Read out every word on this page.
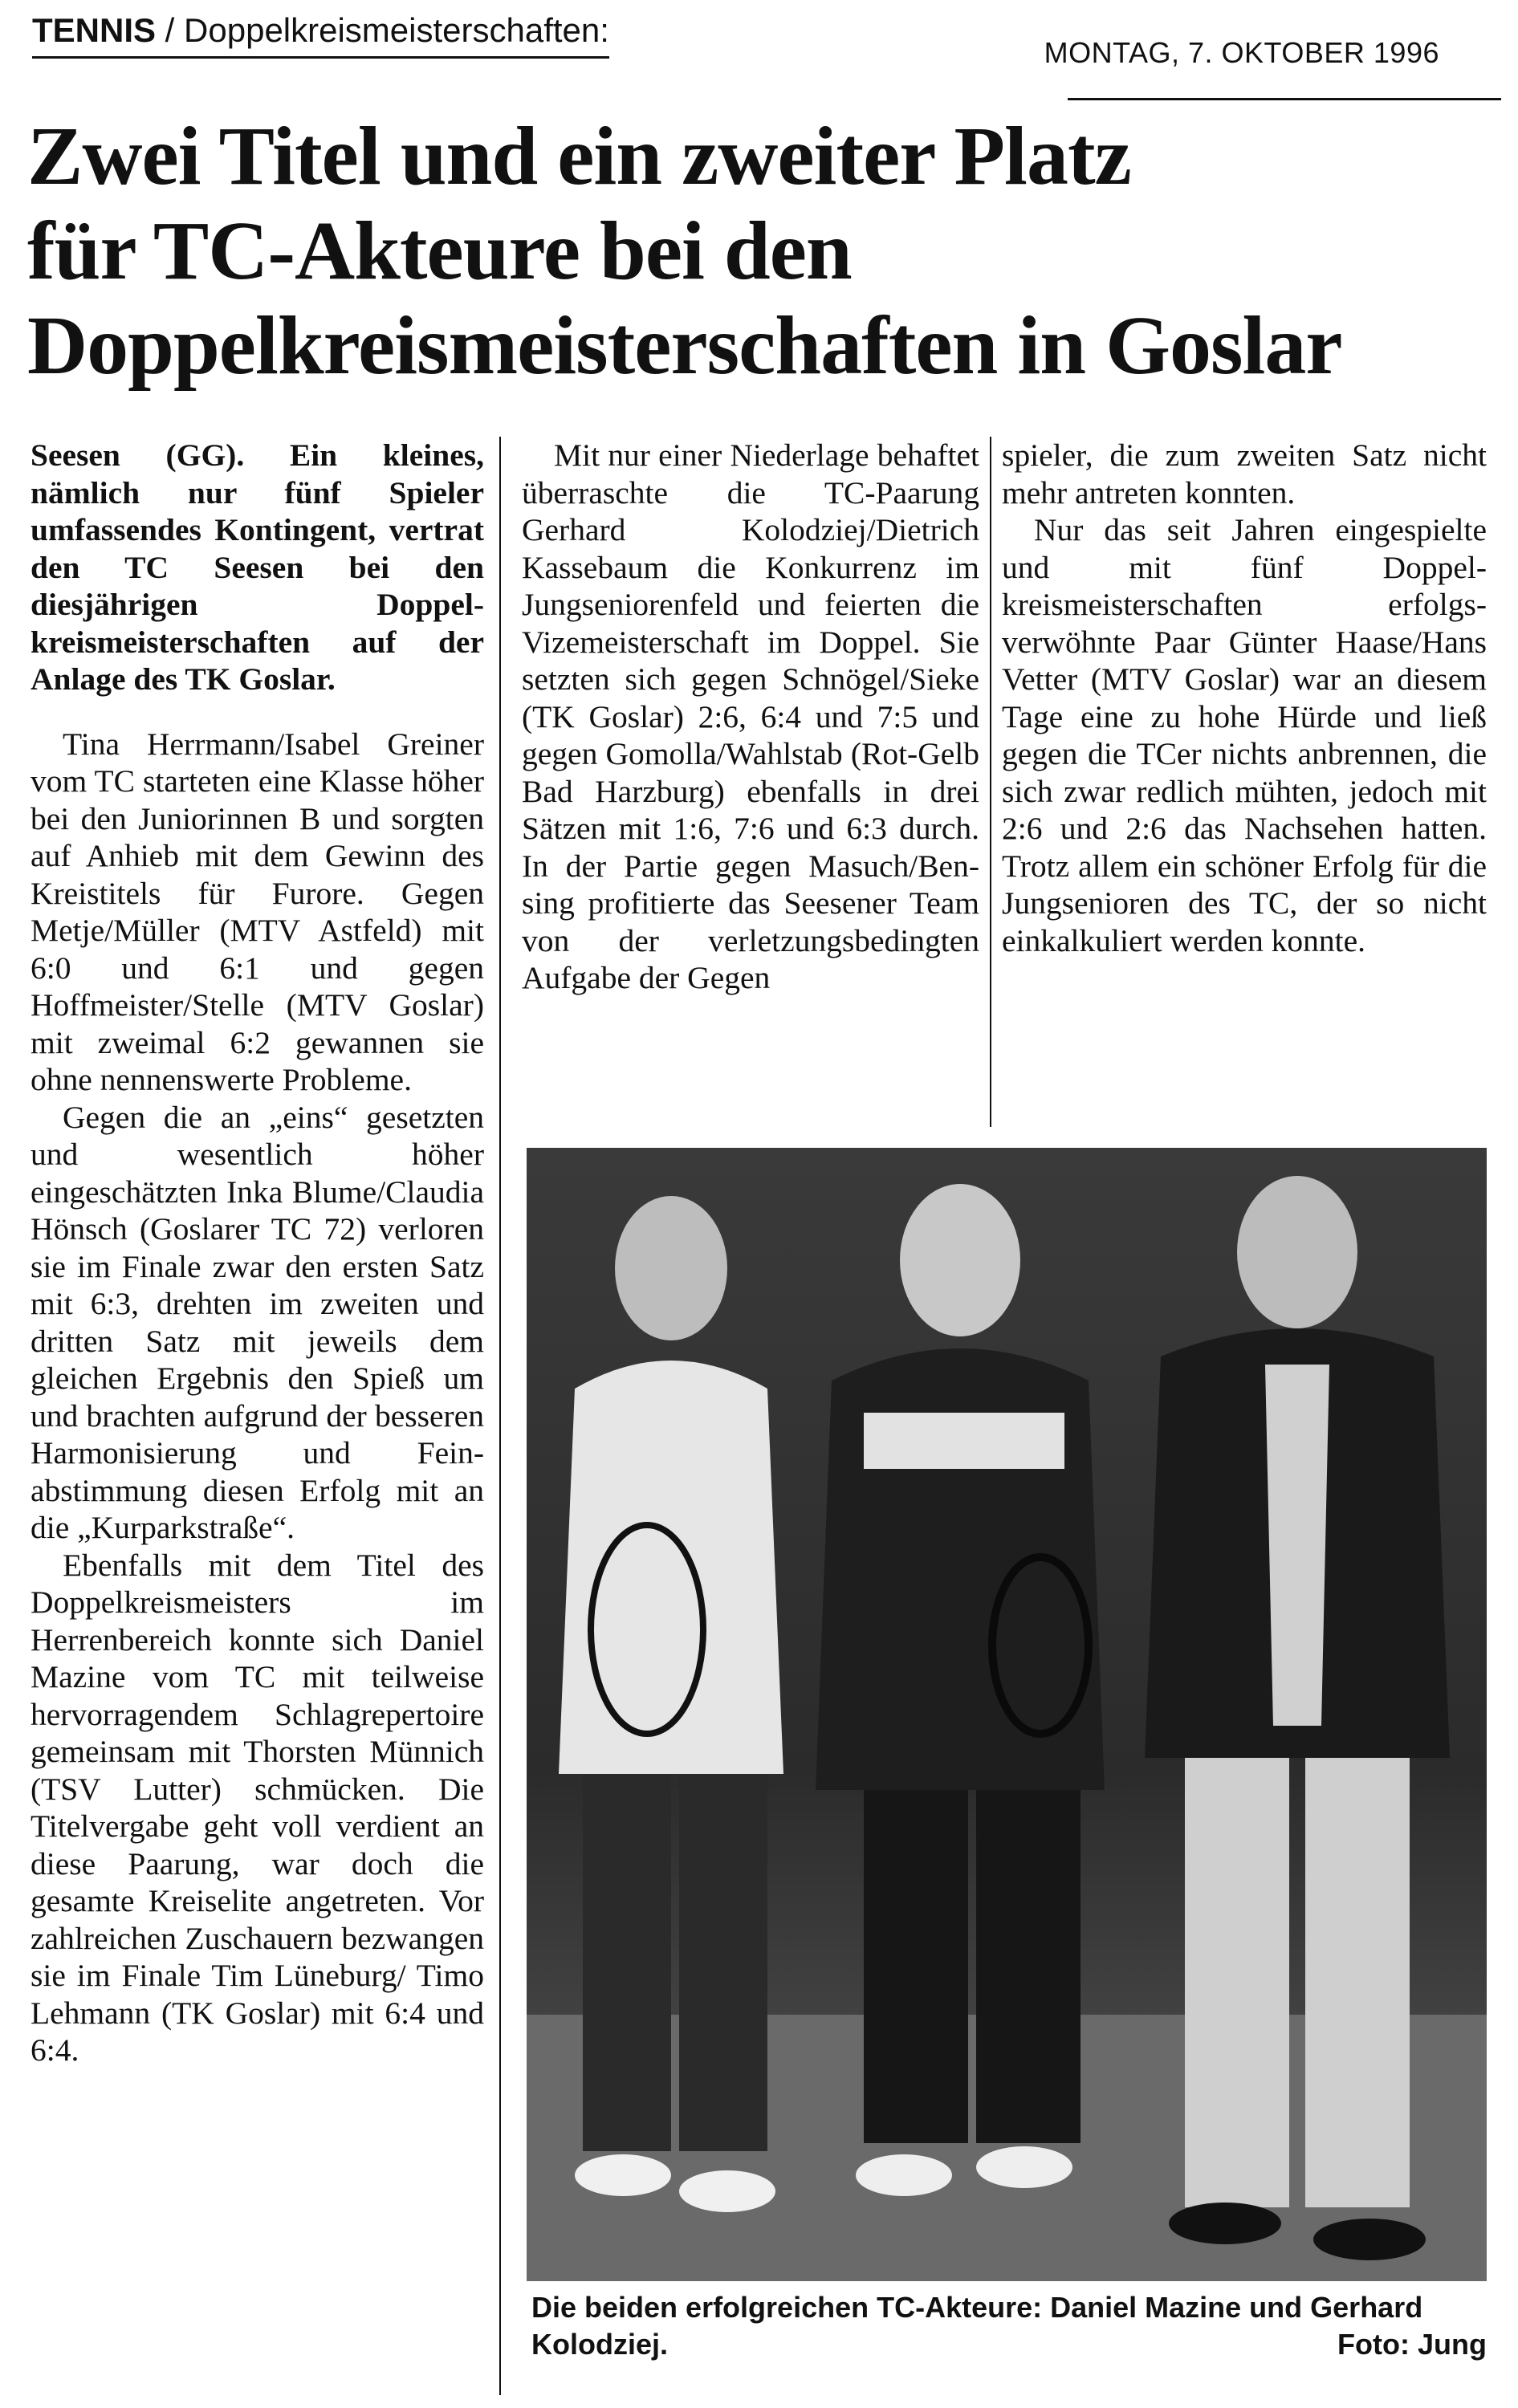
TENNIS / Doppelkreismeisterschaften:
MONTAG, 7. OKTOBER 1996
Zwei Titel und ein zweiter Platz
für TC-Akteure bei den
Doppelkreismeisterschaften in Goslar

Seesen (GG). Ein kleines, nämlich nur fünf Spieler umfassendes Kontingent, vertrat den TC Seesen bei den diesjährigen Doppelkreismeisterschaften auf der Anlage des TK Goslar.

Tina Herrmann/Isabel Greiner vom TC starteten eine Klasse höher bei den Juniorinnen B und sorgten auf Anhieb mit dem Gewinn des Kreistitels für Furore. Gegen Metje/Müller (MTV Astfeld) mit 6:0 und 6:1 und gegen Hoffmeister/Stelle (MTV Goslar) mit zweimal 6:2 gewannen sie ohne nennenswerte Probleme.

Gegen die an „eins“ gesetzten und wesentlich höher eingeschätzten Inka Blume/Claudia Hönsch (Goslarer TC 72) verloren sie im Finale zwar den ersten Satz mit 6:3, drehten im zweiten und dritten Satz mit jeweils dem gleichen Ergebnis den Spieß um und brachten aufgrund der besseren Harmonisierung und Feinabstimmung diesen Erfolg mit an die „Kurparkstraße“.

Ebenfalls mit dem Titel des Doppelkreismeisters im Herrenbereich konnte sich Daniel Mazine vom TC mit teilweise hervorragendem Schlagrepertoire gemeinsam mit Thorsten Münnich (TSV Lutter) schmücken. Die Titelvergabe geht voll verdient an diese Paarung, war doch die gesamte Kreiselite angetreten. Vor zahlreichen Zuschauern bezwangen sie im Finale Tim Lüneburg/ Timo Lehmann (TK Goslar) mit 6:4 und 6:4.

Mit nur einer Niederlage behaftet überraschte die TC-Paarung Gerhard Kolodziej/Dietrich Kassebaum die Konkurrenz im Jungseniorenfeld und feierten die Vizemeisterschaft im Doppel. Sie setzten sich gegen Schnögel/Sieke (TK Goslar) 2:6, 6:4 und 7:5 und gegen Gomolla/Wahlstab (Rot-Gelb Bad Harzburg) ebenfalls in drei Sätzen mit 1:6, 7:6 und 6:3 durch. In der Partie gegen Masuch/Bensing profitierte das Seesener Team von der verletzungsbedingten Aufgabe der Gegen

spieler, die zum zweiten Satz nicht mehr antreten konnten.

Nur das seit Jahren eingespielte und mit fünf Doppelkreismeisterschaften erfolgsverwöhnte Paar Günter Haase/Hans Vetter (MTV Goslar) war an diesem Tage eine zu hohe Hürde und ließ gegen die TCer nichts anbrennen, die sich zwar redlich mühten, jedoch mit 2:6 und 2:6 das Nachsehen hatten. Trotz allem ein schöner Erfolg für die Jungsenioren des TC, der so nicht einkalkuliert werden konnte.

Die beiden erfolgreichen TC-Akteure: Daniel Mazine und Gerhard Kolodziej.	Foto: Jung
